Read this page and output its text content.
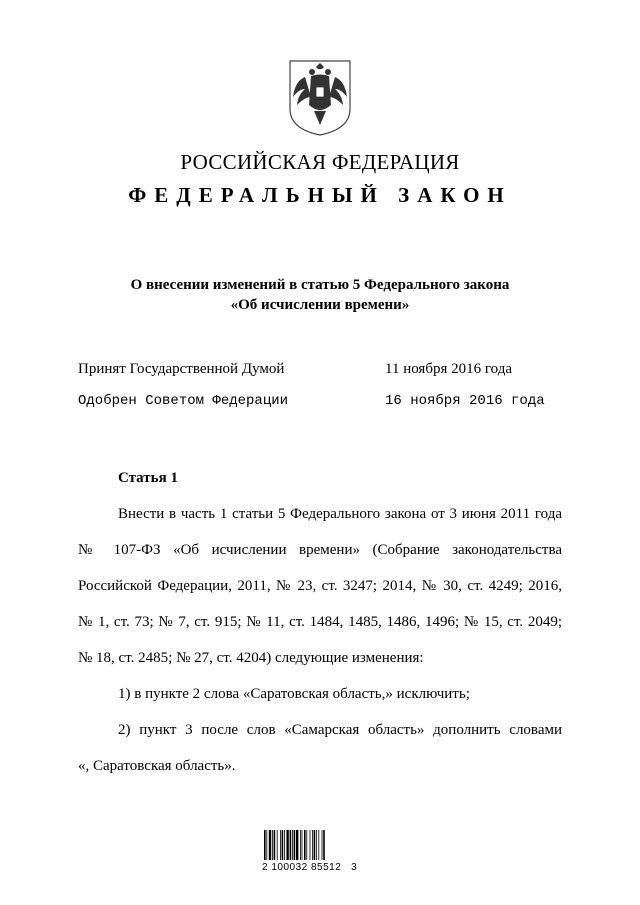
РОССИЙСКАЯ ФЕДЕРАЦИЯ
ФЕДЕРАЛЬНЫЙ ЗАКОН
О внесении изменений в статью 5 Федерального закона
«Об исчислении времени»
Принят Государственной Думой	11 ноября 2016 года
Одобрен Советом Федерации	16 ноября 2016 года
Статья 1
Внести в часть 1 статьи 5 Федерального закона от 3 июня 2011 года
№ 107-ФЗ «Об исчислении времени» (Собрание законодательства
Российской Федерации, 2011, № 23, ст. 3247; 2014, № 30, ст. 4249; 2016,
№ 1, ст. 73; № 7, ст. 915; № 11, ст. 1484, 1485, 1486, 1496; № 15, ст. 2049;
№ 18, ст. 2485; № 27, ст. 4204) следующие изменения:
1) в пункте 2 слова «Саратовская область,» исключить;
2) пункт 3 после слов «Самарская область» дополнить словами
«, Саратовская область».
2 100032 85512   3
